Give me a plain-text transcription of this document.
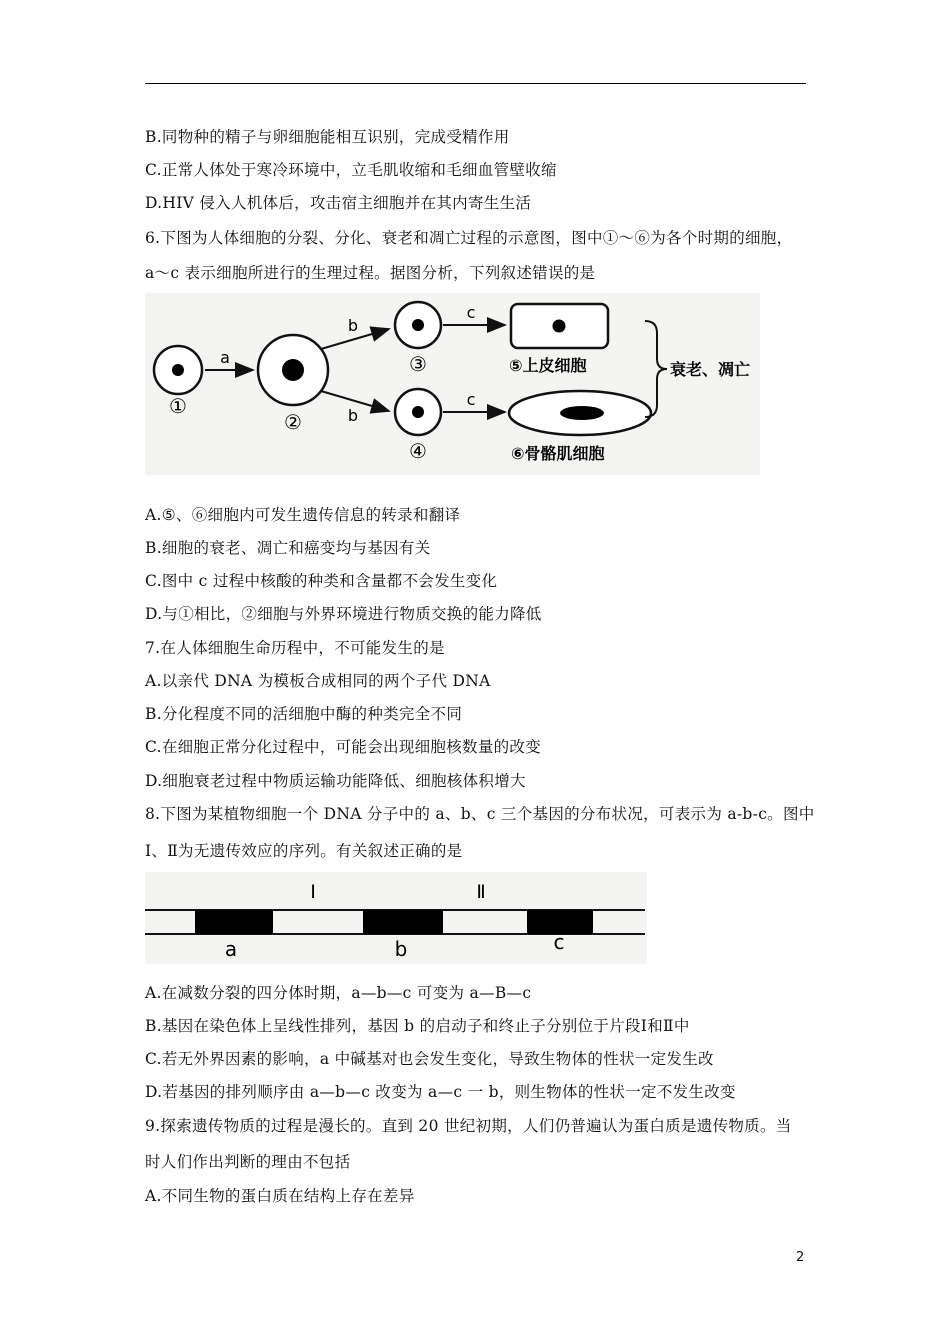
B.同物种的精子与卵细胞能相互识别，完成受精作用
C.正常人体处于寒冷环境中，立毛肌收缩和毛细血管壁收缩
D.HIV 侵入人机体后，攻击宿主细胞并在其内寄生生活
6.下图为人体细胞的分裂、分化、衰老和凋亡过程的示意图，图中①～⑥为各个时期的细胞，
a～c 表示细胞所进行的生理过程。据图分析，下列叙述错误的是
①
a
②
b
b
③
④
c
c
⑤上皮细胞
⑥骨骼肌细胞
衰老、凋亡
A.⑤、⑥细胞内可发生遗传信息的转录和翻译
B.细胞的衰老、凋亡和癌变均与基因有关
C.图中 c 过程中核酸的种类和含量都不会发生变化
D.与①相比，②细胞与外界环境进行物质交换的能力降低
7.在人体细胞生命历程中，不可能发生的是
A.以亲代 DNA 为模板合成相同的两个子代 DNA
B.分化程度不同的活细胞中酶的种类完全不同
C.在细胞正常分化过程中，可能会出现细胞核数量的改变
D.细胞衰老过程中物质运输功能降低、细胞核体积增大
8.下图为某植物细胞一个 DNA 分子中的 a、b、c 三个基因的分布状况，可表示为 a-b-c。图中
Ⅰ、Ⅱ为无遗传效应的序列。有关叙述正确的是
Ⅰ	Ⅱ
a	b	c
A.在减数分裂的四分体时期，a—b—c 可变为 a—B—c
B.基因在染色体上呈线性排列，基因 b 的启动子和终止子分别位于片段Ⅰ和Ⅱ中
C.若无外界因素的影响，a 中碱基对也会发生变化，导致生物体的性状一定发生改
D.若基因的排列顺序由 a—b—c 改变为 a—c 一 b，则生物体的性状一定不发生改变
9.探索遗传物质的过程是漫长的。直到 20 世纪初期，人们仍普遍认为蛋白质是遗传物质。当
时人们作出判断的理由不包括
A.不同生物的蛋白质在结构上存在差异
2
